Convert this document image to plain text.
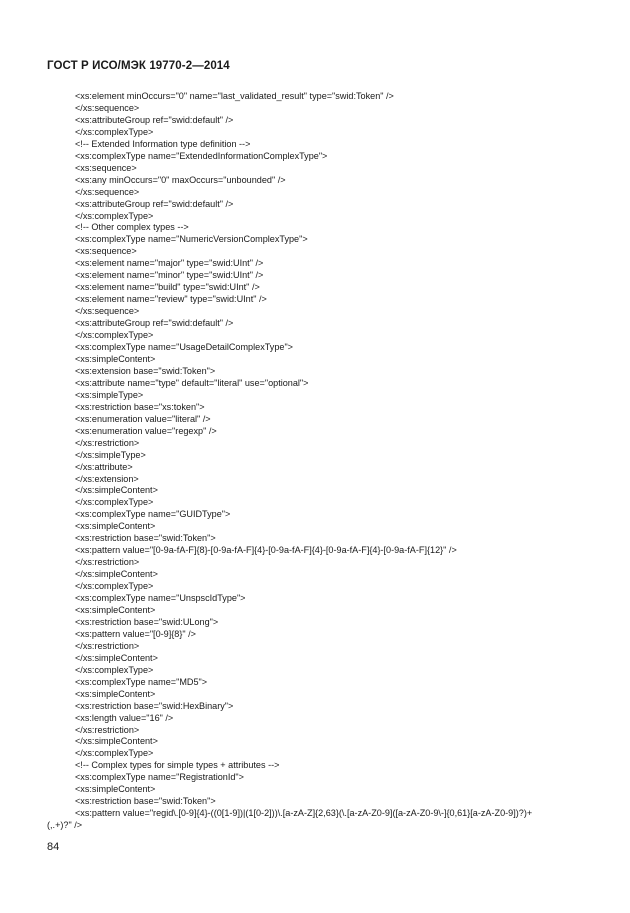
ГОСТ Р ИСО/МЭК 19770-2—2014
<xs:element minOccurs="0" name="last_validated_result" type="swid:Token" />
</xs:sequence>
<xs:attributeGroup ref="swid:default" />
</xs:complexType>
<!-- Extended Information type definition -->
<xs:complexType name="ExtendedInformationComplexType">
<xs:sequence>
<xs:any minOccurs="0" maxOccurs="unbounded" />
</xs:sequence>
<xs:attributeGroup ref="swid:default" />
</xs:complexType>
<!-- Other complex types -->
<xs:complexType name="NumericVersionComplexType">
<xs:sequence>
<xs:element name="major" type="swid:UInt" />
<xs:element name="minor" type="swid:UInt" />
<xs:element name="build" type="swid:UInt" />
<xs:element name="review" type="swid:UInt" />
</xs:sequence>
<xs:attributeGroup ref="swid:default" />
</xs:complexType>
<xs:complexType name="UsageDetailComplexType">
<xs:simpleContent>
<xs:extension base="swid:Token">
<xs:attribute name="type" default="literal" use="optional">
<xs:simpleType>
<xs:restriction base="xs:token">
<xs:enumeration value="literal" />
<xs:enumeration value="regexp" />
</xs:restriction>
</xs:simpleType>
</xs:attribute>
</xs:extension>
</xs:simpleContent>
</xs:complexType>
<xs:complexType name="GUIDType">
<xs:simpleContent>
<xs:restriction base="swid:Token">
<xs:pattern value="[0-9a-fA-F]{8}-[0-9a-fA-F]{4}-[0-9a-fA-F]{4}-[0-9a-fA-F]{4}-[0-9a-fA-F]{12}" />
</xs:restriction>
</xs:simpleContent>
</xs:complexType>
<xs:complexType name="UnspscIdType">
<xs:simpleContent>
<xs:restriction base="swid:ULong">
<xs:pattern value="[0-9]{8}" />
</xs:restriction>
</xs:simpleContent>
</xs:complexType>
<xs:complexType name="MD5">
<xs:simpleContent>
<xs:restriction base="swid:HexBinary">
<xs:length value="16" />
</xs:restriction>
</xs:simpleContent>
</xs:complexType>
<!-- Complex types for simple types + attributes -->
<xs:complexType name="RegistrationId">
<xs:simpleContent>
<xs:restriction base="swid:Token">
<xs:pattern value="regid\.[0-9]{4}-((0[1-9])|(1[0-2]))\.[a-zA-Z]{2,63}(\.[a-zA-Z0-9]([a-zA-Z0-9\-]{0,61}[a-zA-Z0-9])?)+(,.+)?" />
84
